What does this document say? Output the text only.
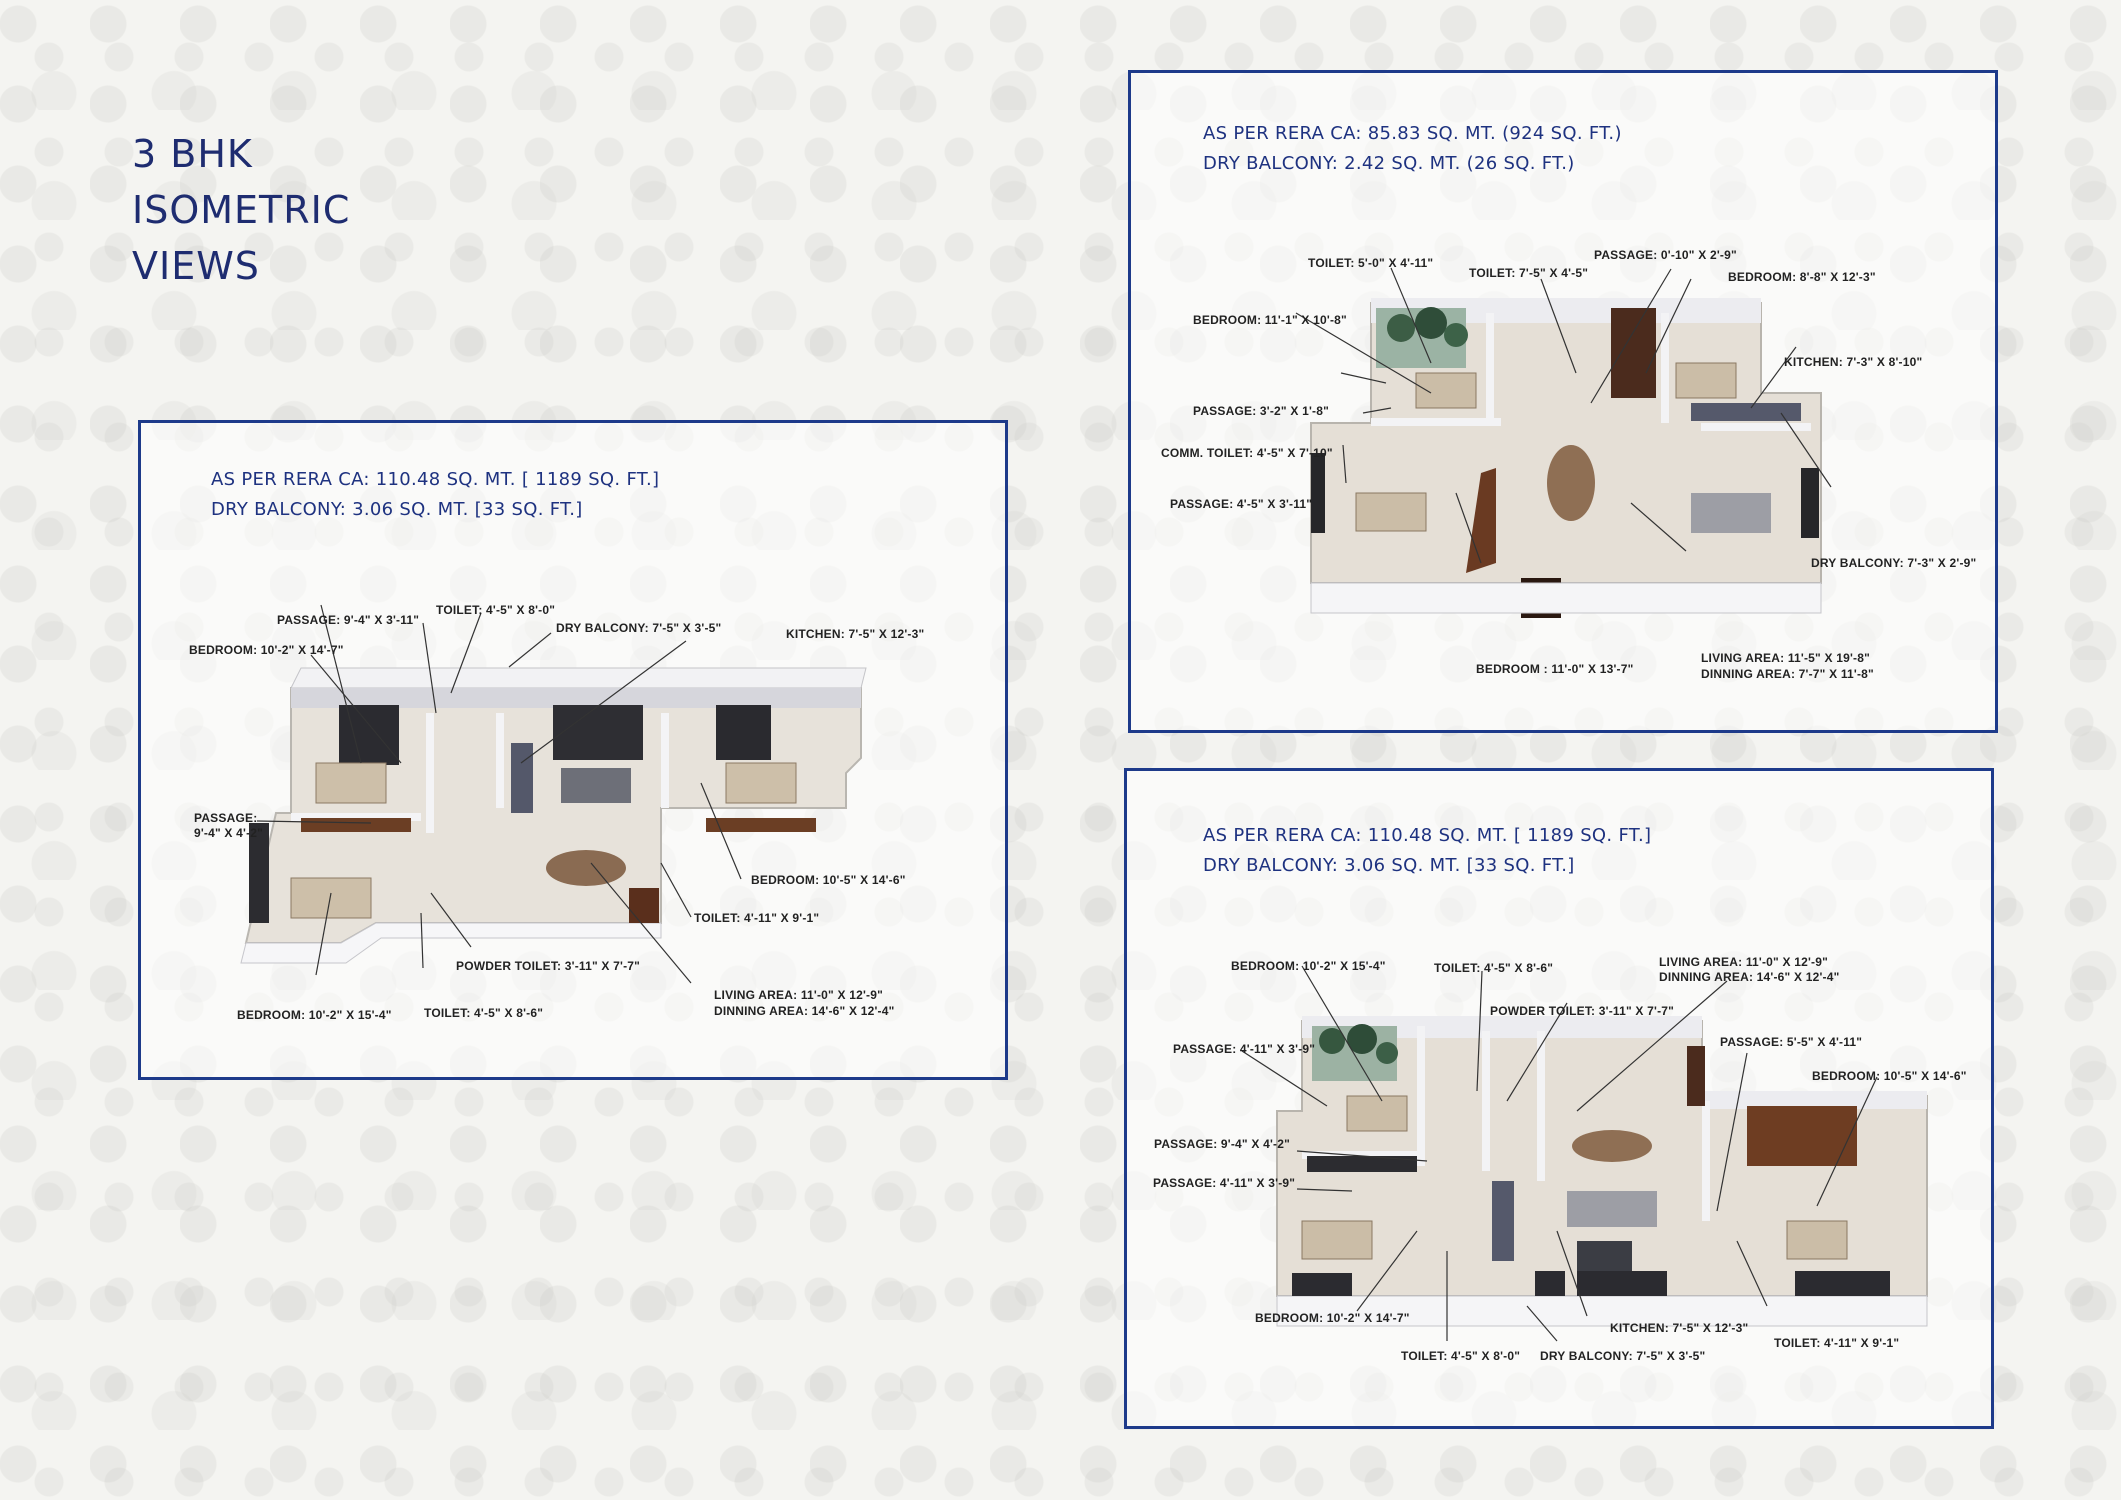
3 BHK
ISOMETRIC
VIEWS
AS PER RERA CA: 110.48 SQ. MT. [ 1189 SQ. FT.]
DRY BALCONY: 3.06 SQ. MT. [33 SQ. FT.]
PASSAGE: 9'-4" X 3'-11"
TOILET: 4'-5" X 8'-0"
BEDROOM: 10'-2" X 14'-7"
DRY BALCONY: 7'-5" X 3'-5"	KITCHEN: 7'-5" X 12'-3"
PASSAGE:
9'-4" X 4'-2"
BEDROOM: 10'-5" X 14'-6"
TOILET: 4'-11" X 9'-1"
POWDER TOILET: 3'-11" X 7'-7"
LIVING AREA: 11'-0" X 12'-9"
DINNING AREA: 14'-6" X 12'-4"
BEDROOM: 10'-2" X 15'-4"	TOILET: 4'-5" X 8'-6"
AS PER RERA CA: 85.83 SQ. MT. (924 SQ. FT.)
DRY BALCONY: 2.42 SQ. MT. (26 SQ. FT.)
TOILET: 5'-0" X 4'-11"
TOILET: 7'-5" X 4'-5"
PASSAGE: 0'-10" X 2'-9"
BEDROOM: 8'-8" X 12'-3"
BEDROOM: 11'-1" X 10'-8"
KITCHEN: 7'-3" X 8'-10"
PASSAGE: 3'-2" X 1'-8"
COMM. TOILET: 4'-5" X 7'-10"
PASSAGE: 4'-5" X 3'-11"
DRY BALCONY: 7'-3" X 2'-9"
LIVING AREA: 11'-5" X 19'-8"
DINNING AREA: 7'-7" X 11'-8"
BEDROOM : 11'-0" X 13'-7"
AS PER RERA CA: 110.48 SQ. MT. [ 1189 SQ. FT.]
DRY BALCONY: 3.06 SQ. MT. [33 SQ. FT.]
BEDROOM: 10'-2" X 15'-4"	TOILET: 4'-5" X 8'-6"	LIVING AREA: 11'-0" X 12'-9"
DINNING AREA: 14'-6" X 12'-4"
POWDER TOILET: 3'-11" X 7'-7"
PASSAGE: 4'-11" X 3'-9"	PASSAGE: 5'-5" X 4'-11"
BEDROOM: 10'-5" X 14'-6"
PASSAGE: 9'-4" X 4'-2"
PASSAGE: 4'-11" X 3'-9"
BEDROOM: 10'-2" X 14'-7"
KITCHEN: 7'-5" X 12'-3"
TOILET: 4'-11" X 9'-1"
TOILET: 4'-5" X 8'-0" DRY BALCONY: 7'-5" X 3'-5"
